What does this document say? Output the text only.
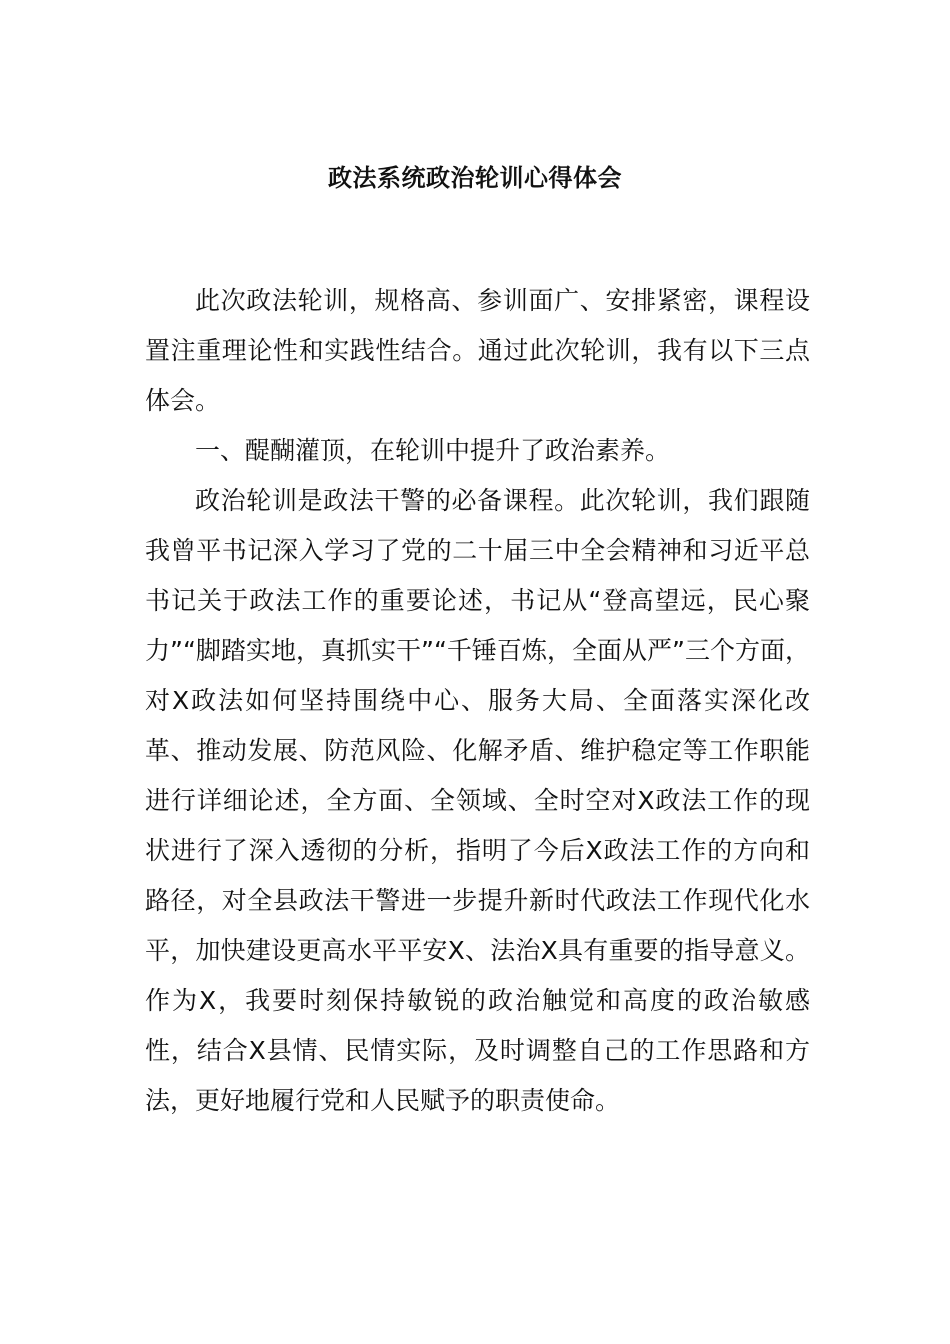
政法系统政治轮训心得体会

此次政法轮训，规格高、参训面广、安排紧密，课程设置注重理论性和实践性结合。通过此次轮训，我有以下三点体会。

一、醍醐灌顶，在轮训中提升了政治素养。

政治轮训是政法干警的必备课程。此次轮训，我们跟随我曾平书记深入学习了党的二十届三中全会精神和习近平总书记关于政法工作的重要论述，书记从“登高望远，民心聚力”“脚踏实地，真抓实干”“千锤百炼，全面从严”三个方面，对X政法如何坚持围绕中心、服务大局、全面落实深化改革、推动发展、防范风险、化解矛盾、维护稳定等工作职能进行详细论述，全方面、全领域、全时空对X政法工作的现状进行了深入透彻的分析，指明了今后X政法工作的方向和路径，对全县政法干警进一步提升新时代政法工作现代化水平，加快建设更高水平平安X、法治X具有重要的指导意义。作为X，我要时刻保持敏锐的政治触觉和高度的政治敏感性，结合X县情、民情实际，及时调整自己的工作思路和方法，更好地履行党和人民赋予的职责使命。
